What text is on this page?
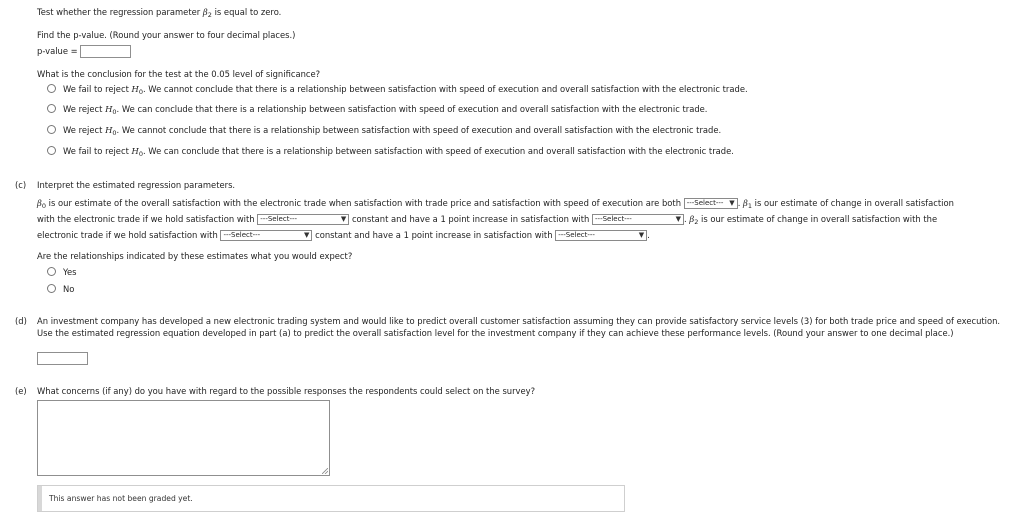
Test whether the regression parameter $\beta_2$ is equal to zero.
Find the p-value. (Round your answer to four decimal places.)
p-value =
What is the conclusion for the test at the 0.05 level of significance?
We fail to reject $H_0$. We cannot conclude that there is a relationship between satisfaction with speed of execution and overall satisfaction with the electronic trade.
We reject $H_0$. We can conclude that there is a relationship between satisfaction with speed of execution and overall satisfaction with the electronic trade.
We reject $H_0$. We cannot conclude that there is a relationship between satisfaction with speed of execution and overall satisfaction with the electronic trade.
We fail to reject $H_0$. We can conclude that there is a relationship between satisfaction with speed of execution and overall satisfaction with the electronic trade.
(c) Interpret the estimated regression parameters.
$\beta_0$ is our estimate of the overall satisfaction with the electronic trade when satisfaction with trade price and satisfaction with speed of execution are both ---Select--- ▼ . $\beta_1$ is our estimate of change in overall satisfaction
with the electronic trade if we hold satisfaction with ---Select---	▼ constant and have a 1 point increase in satisfaction with ---Select---	▼ . $\beta_2$ is our estimate of change in overall satisfaction with the
electronic trade if we hold satisfaction with ---Select---	▼ constant and have a 1 point increase in satisfaction with ---Select---	▼ .
Are the relationships indicated by these estimates what you would expect?
Yes
No
(d) An investment company has developed a new electronic trading system and would like to predict overall customer satisfaction assuming they can provide satisfactory service levels (3) for both trade price and speed of execution. Use the estimated regression equation developed in part (a) to predict the overall satisfaction level for the investment company if they can achieve these performance levels. (Round your answer to one decimal place.)
(e) What concerns (if any) do you have with regard to the possible responses the respondents could select on the survey?
This answer has not been graded yet.
